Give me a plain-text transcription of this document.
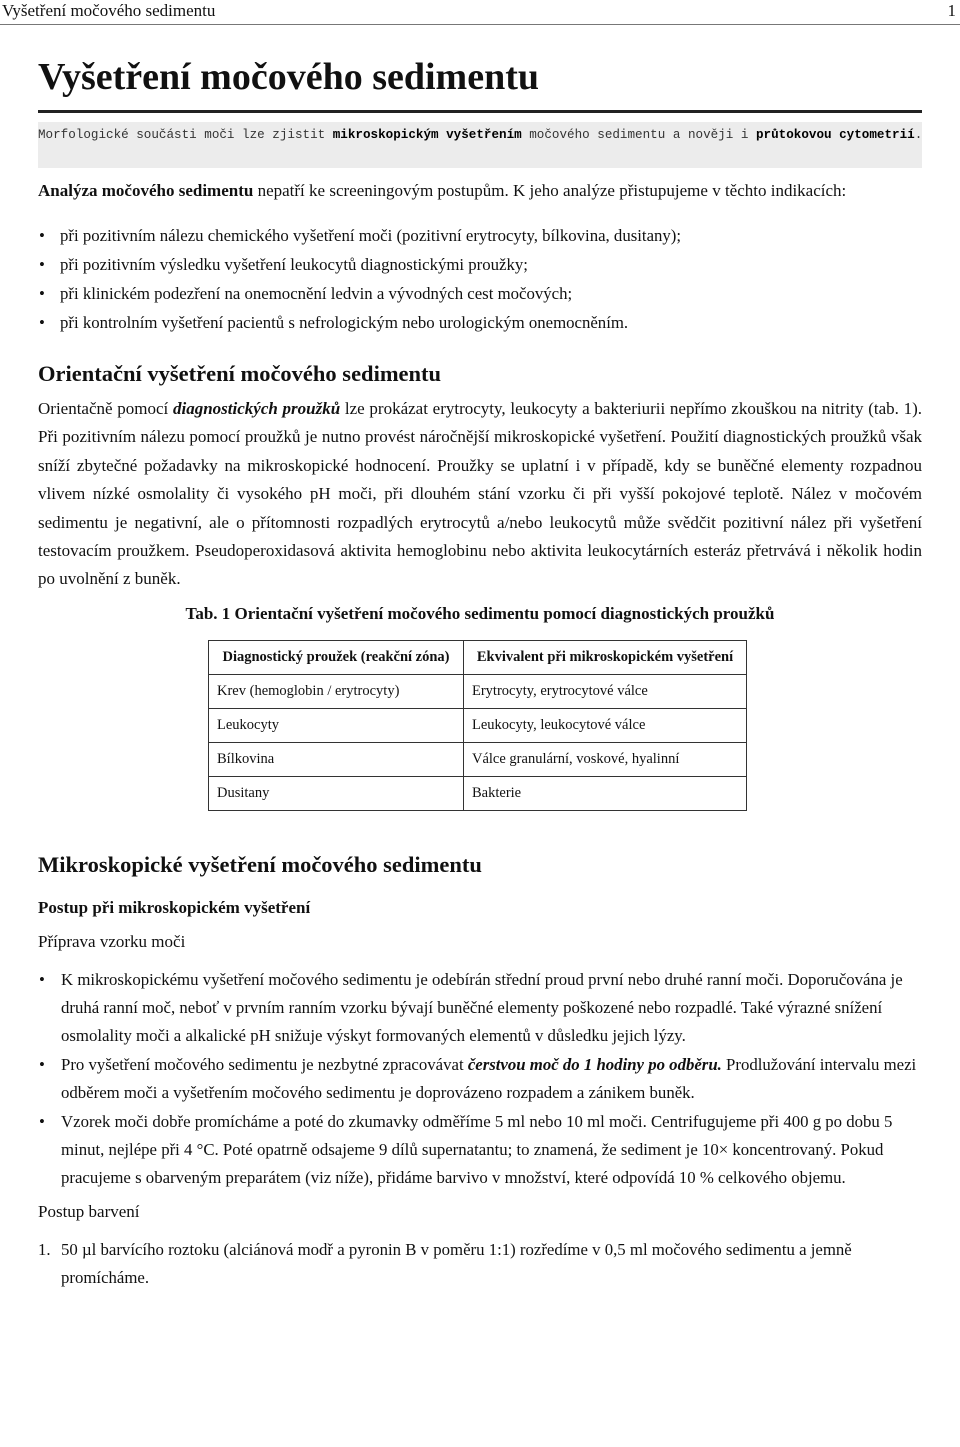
Vyšetření močového sedimentu	1
Vyšetření močového sedimentu
Morfologické součásti moči lze zjistit mikroskopickým vyšetřením močového sedimentu a nověji i průtokovou cytometrií.

Analýza močového sedimentu nepatří ke screeningovým postupům. K jeho analýze přistupujeme v těchto indikacích:

• při pozitivním nálezu chemického vyšetření moči (pozitivní erytrocyty, bílkovina, dusitany);
• při pozitivním výsledku vyšetření leukocytů diagnostickými proužky;
• při klinickém podezření na onemocnění ledvin a vývodných cest močových;
• při kontrolním vyšetření pacientů s nefrologickým nebo urologickým onemocněním.
Orientační vyšetření močového sedimentu

Orientačně pomocí diagnostických proužků lze prokázat erytrocyty, leukocyty a bakteriurii nepřímo zkouškou na nitrity (tab. 1). Při pozitivním nálezu pomocí proužků je nutno provést náročnější mikroskopické vyšetření. Použití diagnostických proužků však sníží zbytečné požadavky na mikroskopické hodnocení. Proužky se uplatní i v případě, kdy se buněčné elementy rozpadnou vlivem nízké osmolality či vysokého pH moči, při dlouhém stání vzorku či při vyšší pokojové teplotě. Nález v močovém sedimentu je negativní, ale o přítomnosti rozpadlých erytrocytů a/nebo leukocytů může svědčit pozitivní nález při vyšetření testovacím proužkem. Pseudoperoxidasová aktivita hemoglobinu nebo aktivita leukocytárních esteráz přetrvává i několik hodin po uvolnění z buněk.

Tab. 1 Orientační vyšetření močového sedimentu pomocí diagnostických proužků
Diagnostický proužek (reakční zóna)	Ekvivalent při mikroskopickém vyšetření
Krev (hemoglobin / erytrocyty)	Erytrocyty, erytrocytové válce
Leukocyty	Leukocyty, leukocytové válce
Bílkovina	Válce granulární, voskové, hyalinní
Dusitany	Bakterie
Mikroskopické vyšetření močového sedimentu
Postup při mikroskopickém vyšetření
Příprava vzorku moči
• K mikroskopickému vyšetření močového sedimentu je odebírán střední proud první nebo druhé ranní moči. Doporučována je druhá ranní moč, neboť v prvním ranním vzorku bývají buněčné elementy poškozené nebo rozpadlé. Také výrazné snížení osmolality moči a alkalické pH snižuje výskyt formovaných elementů v důsledku jejich lýzy.
• Pro vyšetření močového sedimentu je nezbytné zpracovávat čerstvou moč do 1 hodiny po odběru. Prodlužování intervalu mezi odběrem moči a vyšetřením močového sedimentu je doprovázeno rozpadem a zánikem buněk.
• Vzorek moči dobře promícháme a poté do zkumavky odměříme 5 ml nebo 10 ml moči. Centrifugujeme při 400 g po dobu 5 minut, nejlépe při 4 °C. Poté opatrně odsajeme 9 dílů supernatantu; to znamená, že sediment je 10× koncentrovaný. Pokud pracujeme s obarveným preparátem (viz níže), přidáme barvivo v množství, které odpovídá 10 % celkového objemu.
Postup barvení
1. 50 µl barvícího roztoku (alciánová modř a pyronin B v poměru 1:1) rozředíme v 0,5 ml močového sedimentu a jemně promícháme.
